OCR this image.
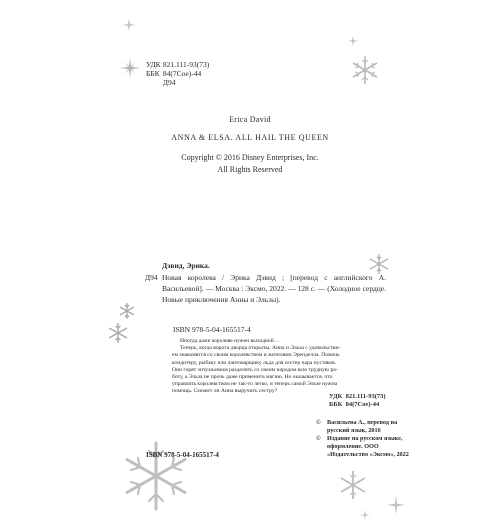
УДК
821.111-93(73)
ББК
84(7Сое)-44

Д94
Erica David
ANNA & ELSA. ALL HAIL THE QUEEN
Copyright © 2016 Disney Enterprises, Inc.
All Rights Reserved
Дэвид, Эрика.
Д94 Новая королева / Эрика Дэвид ; [перевод с английского А. Васильевой]. — Москва : Эксмо, 2022. — 128 с. — (Холодное сердце. Новые приключения Анны и Эльзы).
ISBN 978-5-04-165517-4
Иногда даже королеве нужен выходной…
Теперь, когда ворота дворца открыты, Анна и Эльза с удовольстви-
ем знакомятся со своим королевством и жителями Эренделла. Помочь
кондитеру, рыбаку или лантоварщику льда для сестер пара пустяков.
Они горят энтузиазмом разделить со своим народом всю трудную ра-
боту, а Эльза не прочь даже применить магию. Но оказывается, что
управлять королевством не так-то легко, и теперь самой Эльзе нужна
помощь. Сможет ли Анна выручить сестру?
УДК 821.111-93(73)
ББК 84(7Сое)-44
ISBN 978-5-04-165517-4
©	Васильева А., перевод на русский язык, 2016
©	Издание на русском языке, оформление. ООО «Издательство «Эксмо», 2022
